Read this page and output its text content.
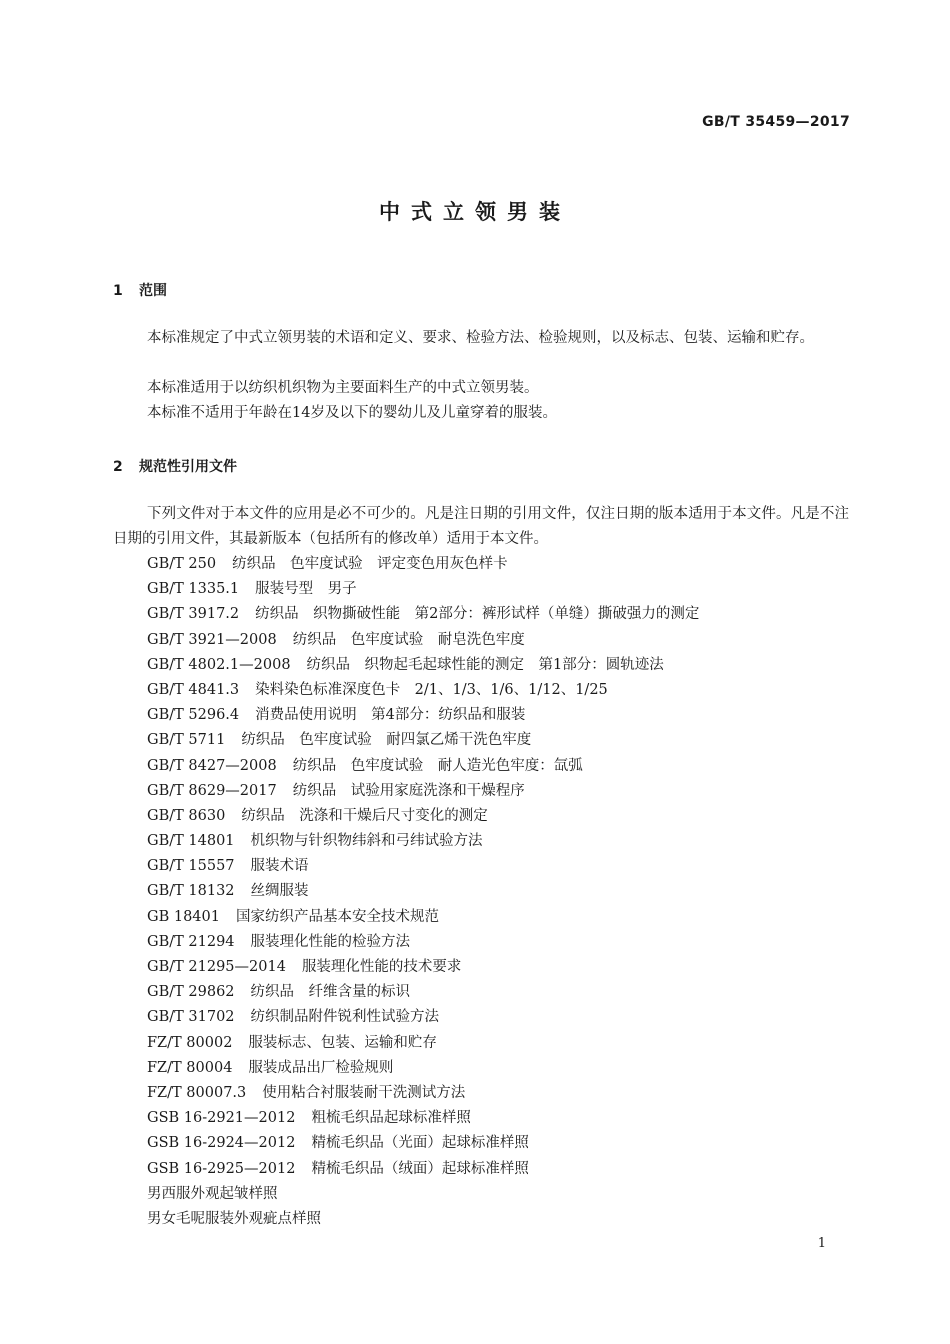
GB/T 35459—2017
中式立领男装
1 范围
本标准规定了中式立领男装的术语和定义、要求、检验方法、检验规则，以及标志、包装、运输和贮存。
本标准适用于以纺织机织物为主要面料生产的中式立领男装。
本标准不适用于年龄在14岁及以下的婴幼儿及儿童穿着的服装。
2 规范性引用文件
下列文件对于本文件的应用是必不可少的。凡是注日期的引用文件，仅注日期的版本适用于本文件。凡是不注日期的引用文件，其最新版本（包括所有的修改单）适用于本文件。
GB/T 250 纺织品　色牢度试验　评定变色用灰色样卡
GB/T 1335.1 服装号型　男子
GB/T 3917.2 纺织品　织物撕破性能　第2部分：裤形试样（单缝）撕破强力的测定
GB/T 3921—2008 纺织品　色牢度试验　耐皂洗色牢度
GB/T 4802.1—2008 纺织品　织物起毛起球性能的测定　第1部分：圆轨迹法
GB/T 4841.3 染料染色标准深度色卡　2/1、1/3、1/6、1/12、1/25
GB/T 5296.4 消费品使用说明　第4部分：纺织品和服装
GB/T 5711 纺织品　色牢度试验　耐四氯乙烯干洗色牢度
GB/T 8427—2008 纺织品　色牢度试验　耐人造光色牢度：氙弧
GB/T 8629—2017 纺织品　试验用家庭洗涤和干燥程序
GB/T 8630 纺织品　洗涤和干燥后尺寸变化的测定
GB/T 14801 机织物与针织物纬斜和弓纬试验方法
GB/T 15557 服装术语
GB/T 18132 丝绸服装
GB 18401 国家纺织产品基本安全技术规范
GB/T 21294 服装理化性能的检验方法
GB/T 21295—2014 服装理化性能的技术要求
GB/T 29862 纺织品　纤维含量的标识
GB/T 31702 纺织制品附件锐利性试验方法
FZ/T 80002 服装标志、包装、运输和贮存
FZ/T 80004 服装成品出厂检验规则
FZ/T 80007.3 使用粘合衬服装耐干洗测试方法
GSB 16-2921—2012 粗梳毛织品起球标准样照
GSB 16-2924—2012 精梳毛织品（光面）起球标准样照
GSB 16-2925—2012 精梳毛织品（绒面）起球标准样照
男西服外观起皱样照
男女毛呢服装外观疵点样照
1
